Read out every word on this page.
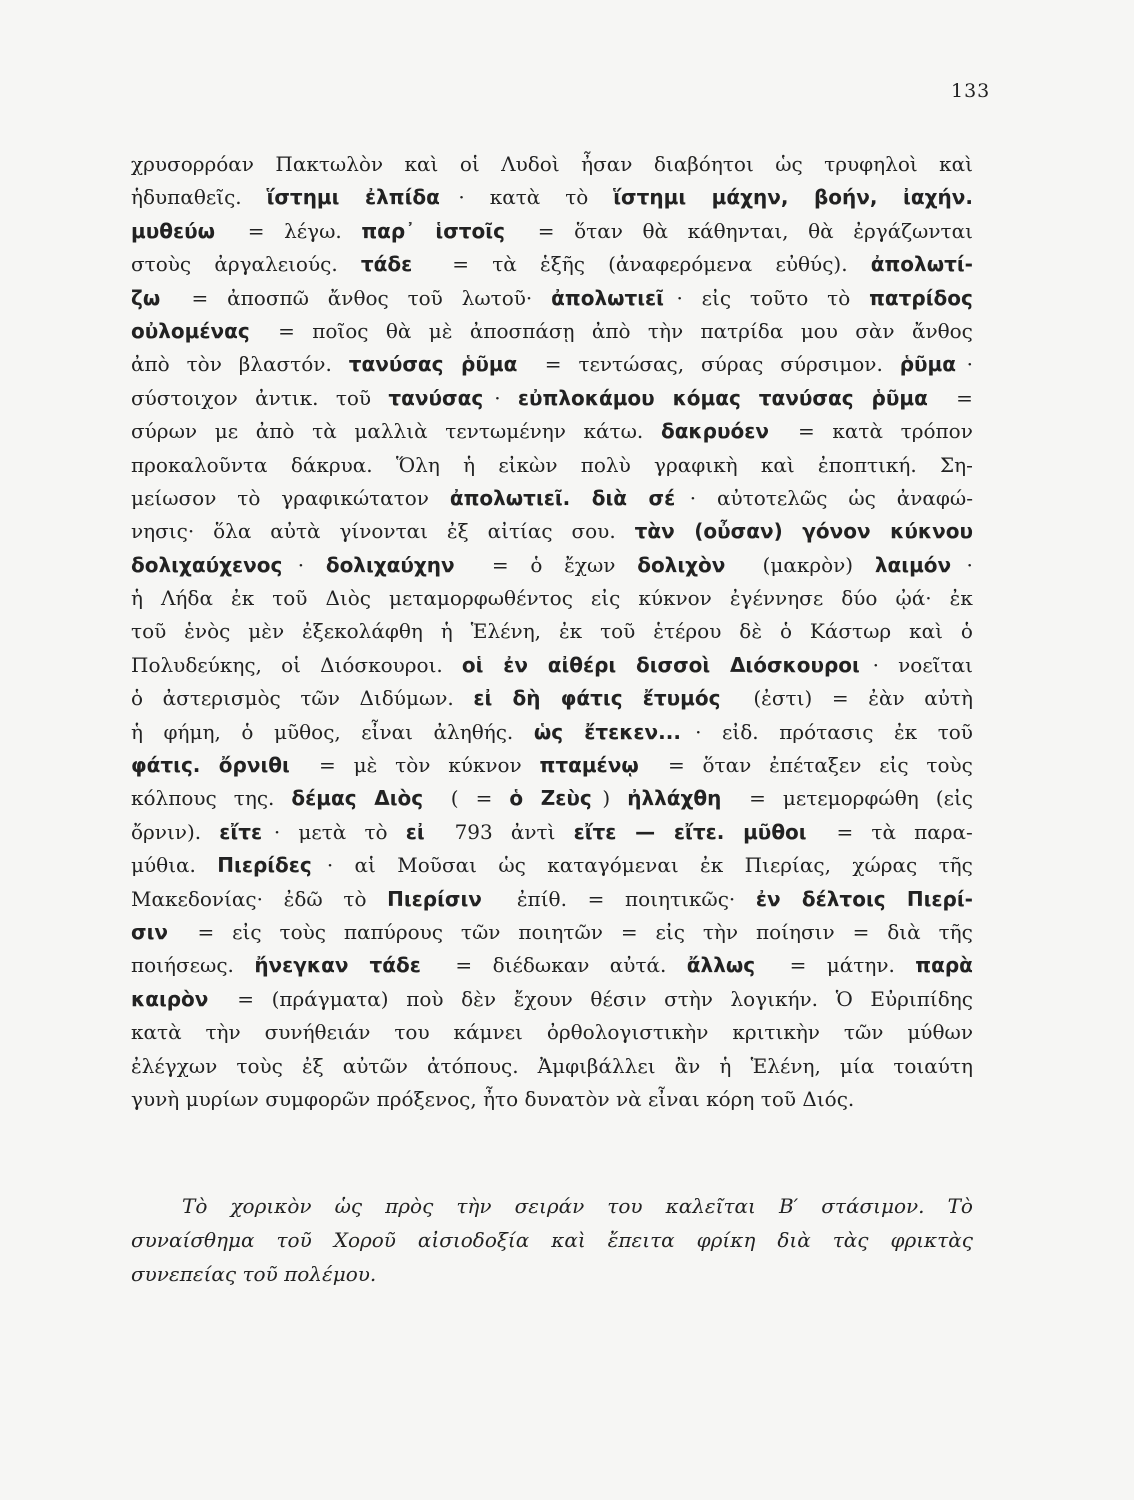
133
χρυσορρόαν Πακτωλὸν καὶ οἱ Λυδοὶ ἦσαν διαβόητοι ὡς τρυφηλοὶ καὶ
ἡδυπαθεῖς. ἵστημι ἐλπίδα · κατὰ τὸ ἵστημι μάχην, βοήν, ἰαχήν.
μυθεύω
= λέγω. παρ᾽ ἱστοῖς
= ὅταν θὰ κάθηνται, θὰ ἐργάζωνται
στοὺς ἀργαλειούς. τάδε
= τὰ ἑξῆς (ἀναφερόμενα εὐθύς). ἀπολωτί-
ζω
= ἀποσπῶ ἄνθος τοῦ λωτοῦ· ἀπολωτιεῖ · εἰς τοῦτο τὸ πατρίδος
οὐλομένας
= ποῖος θὰ μὲ ἀποσπάσῃ ἀπὸ τὴν πατρίδα μου σὰν ἄνθος
ἀπὸ τὸν βλαστόν. τανύσας ῥῦμα
= τεντώσας, σύρας σύρσιμον. ῥῦμα ·
σύστοιχον ἀντικ. τοῦ τανύσας · εὐπλοκάμου κόμας τανύσας ῥῦμα
=
σύρων με ἀπὸ τὰ μαλλιὰ τεντωμένην κάτω. δακρυόεν
= κατὰ τρόπον
προκαλοῦντα δάκρυα. Ὅλη ἡ εἰκὼν πολὺ γραφικὴ καὶ ἐποπτική. Ση-
μείωσον τὸ γραφικώτατον ἀπολωτιεῖ. διὰ σέ · αὐτοτελῶς ὡς ἀναφώ-
νησις· ὅλα αὐτὰ γίνονται ἐξ αἰτίας σου. τὰν (οὖσαν) γόνον κύκνου
δολιχαύχενος · δολιχαύχην
= ὁ ἔχων δολιχὸν
(μακρὸν) λαιμόν ·
ἡ Λήδα ἐκ τοῦ Διὸς μεταμορφωθέντος εἰς κύκνον ἐγέννησε δύο ᾠά· ἐκ
τοῦ ἑνὸς μὲν ἐξεκολάφθη ἡ Ἑλένη, ἐκ τοῦ ἑτέρου δὲ ὁ Κάστωρ καὶ ὁ
Πολυδεύκης, οἱ Διόσκουροι. οἱ ἐν αἰθέρι δισσοὶ Διόσκουροι · νοεῖται
ὁ ἀστερισμὸς τῶν Διδύμων. εἰ δὴ φάτις ἔτυμός
(ἐστι) = ἐὰν αὐτὴ
ἡ φήμη, ὁ μῦθος, εἶναι ἀληθής. ὡς ἔτεκεν... · εἰδ. πρότασις ἐκ τοῦ
φάτις. ὄρνιθι
= μὲ τὸν κύκνον πταμένῳ
= ὅταν ἐπέταξεν εἰς τοὺς
κόλπους της. δέμας Διὸς
( = ὁ Ζεὺς ) ἠλλάχθη
= μετεμορφώθη (εἰς
ὄρνιν). εἴτε · μετὰ τὸ εἰ
793 ἀντὶ εἴτε — εἴτε. μῦθοι
= τὰ παρα-
μύθια. Πιερίδες · αἱ Μοῦσαι ὡς καταγόμεναι ἐκ Πιερίας, χώρας τῆς
Μακεδονίας· ἐδῶ τὸ Πιερίσιν
ἐπίθ. = ποιητικῶς· ἐν δέλτοις Πιερί-
σιν
= εἰς τοὺς παπύρους τῶν ποιητῶν = εἰς τὴν ποίησιν = διὰ τῆς
ποιήσεως. ἤνεγκαν τάδε
= διέδωκαν αὐτά. ἄλλως
= μάτην. παρὰ
καιρὸν
= (πράγματα) ποὺ δὲν ἔχουν θέσιν στὴν λογικήν. Ὁ Εὐριπίδης
κατὰ τὴν συνήθειάν του κάμνει ὀρθολογιστικὴν κριτικὴν τῶν μύθων
ἐλέγχων τοὺς ἐξ αὐτῶν ἀτόπους. Ἀμφιβάλλει ἂν ἡ Ἑλένη, μία τοιαύτη
γυνὴ μυρίων συμφορῶν πρόξενος, ἦτο δυνατὸν νὰ εἶναι κόρη τοῦ Διός.
Τὸ χορικὸν ὡς πρὸς τὴν σειράν του καλεῖται Β′ στάσιμον. Τὸ
συναίσθημα τοῦ Χοροῦ αἰσιοδοξία καὶ ἔπειτα φρίκη διὰ τὰς φρικτὰς
συνεπείας τοῦ πολέμου.
